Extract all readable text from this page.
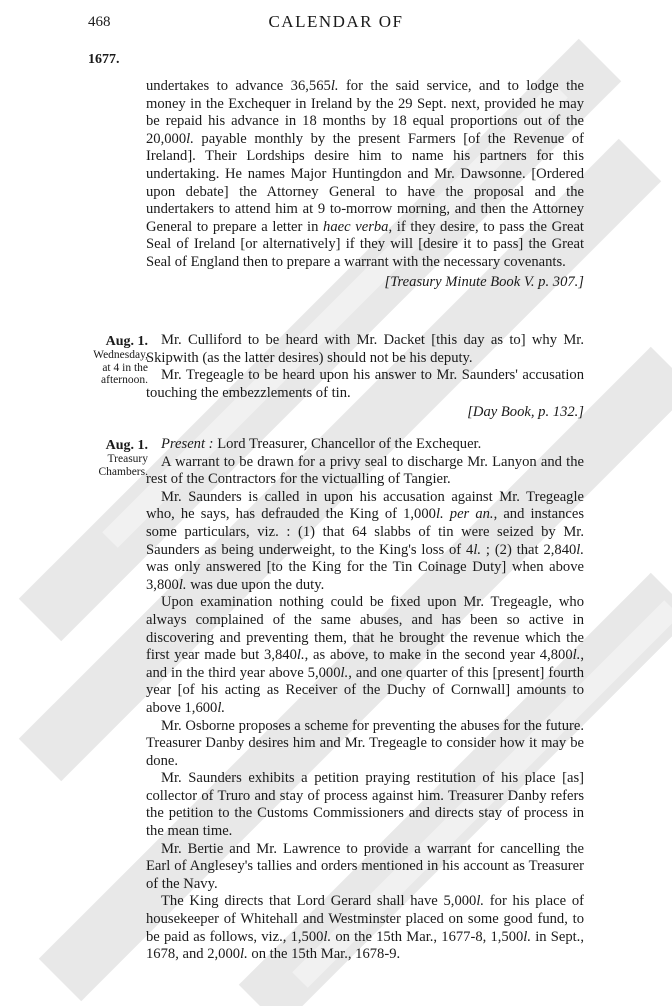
468	CALENDAR OF
1677.

undertakes to advance 36,565l. for the said service, and to lodge the money in the Exchequer in Ireland by the 29 Sept. next, provided he may be repaid his advance in 18 months by 18 equal proportions out of the 20,000l. payable monthly by the present Farmers [of the Revenue of Ireland]. Their Lordships desire him to name his partners for this undertaking. He names Major Huntingdon and Mr. Dawsonne. [Ordered upon debate] the Attorney General to have the proposal and the undertakers to attend him at 9 to-morrow morning, and then the Attorney General to prepare a letter in haec verba, if they desire, to pass the Great Seal of Ireland [or alternatively] if they will [desire it to pass] the Great Seal of England then to prepare a warrant with the necessary covenants.

[Treasury Minute Book V. p. 307.]

Aug. 1.
Wednesday,
at 4 in the
afternoon.

Mr. Culliford to be heard with Mr. Dacket [this day as to] why Mr. Skipwith (as the latter desires) should not be his deputy.

Mr. Tregeagle to be heard upon his answer to Mr. Saunders' accusation touching the embezzlements of tin.

[Day Book, p. 132.]

Aug. 1.
Treasury
Chambers.

Present : Lord Treasurer, Chancellor of the Exchequer.

A warrant to be drawn for a privy seal to discharge Mr. Lanyon and the rest of the Contractors for the victualling of Tangier.

Mr. Saunders is called in upon his accusation against Mr. Tregeagle who, he says, has defrauded the King of 1,000l. per an., and instances some particulars, viz. : (1) that 64 slabbs of tin were seized by Mr. Saunders as being underweight, to the King's loss of 4l. ; (2) that 2,840l. was only answered [to the King for the Tin Coinage Duty] when above 3,800l. was due upon the duty.

Upon examination nothing could be fixed upon Mr. Tregeagle, who always complained of the same abuses, and has been so active in discovering and preventing them, that he brought the revenue which the first year made but 3,840l., as above, to make in the second year 4,800l., and in the third year above 5,000l., and one quarter of this [present] fourth year [of his acting as Receiver of the Duchy of Cornwall] amounts to above 1,600l.

Mr. Osborne proposes a scheme for preventing the abuses for the future. Treasurer Danby desires him and Mr. Tregeagle to consider how it may be done.

Mr. Saunders exhibits a petition praying restitution of his place [as] collector of Truro and stay of process against him. Treasurer Danby refers the petition to the Customs Commissioners and directs stay of process in the mean time.

Mr. Bertie and Mr. Lawrence to provide a warrant for cancelling the Earl of Anglesey's tallies and orders mentioned in his account as Treasurer of the Navy.

The King directs that Lord Gerard shall have 5,000l. for his place of housekeeper of Whitehall and Westminster placed on some good fund, to be paid as follows, viz., 1,500l. on the 15th Mar., 1677-8, 1,500l. in Sept., 1678, and 2,000l. on the 15th Mar., 1678-9.
